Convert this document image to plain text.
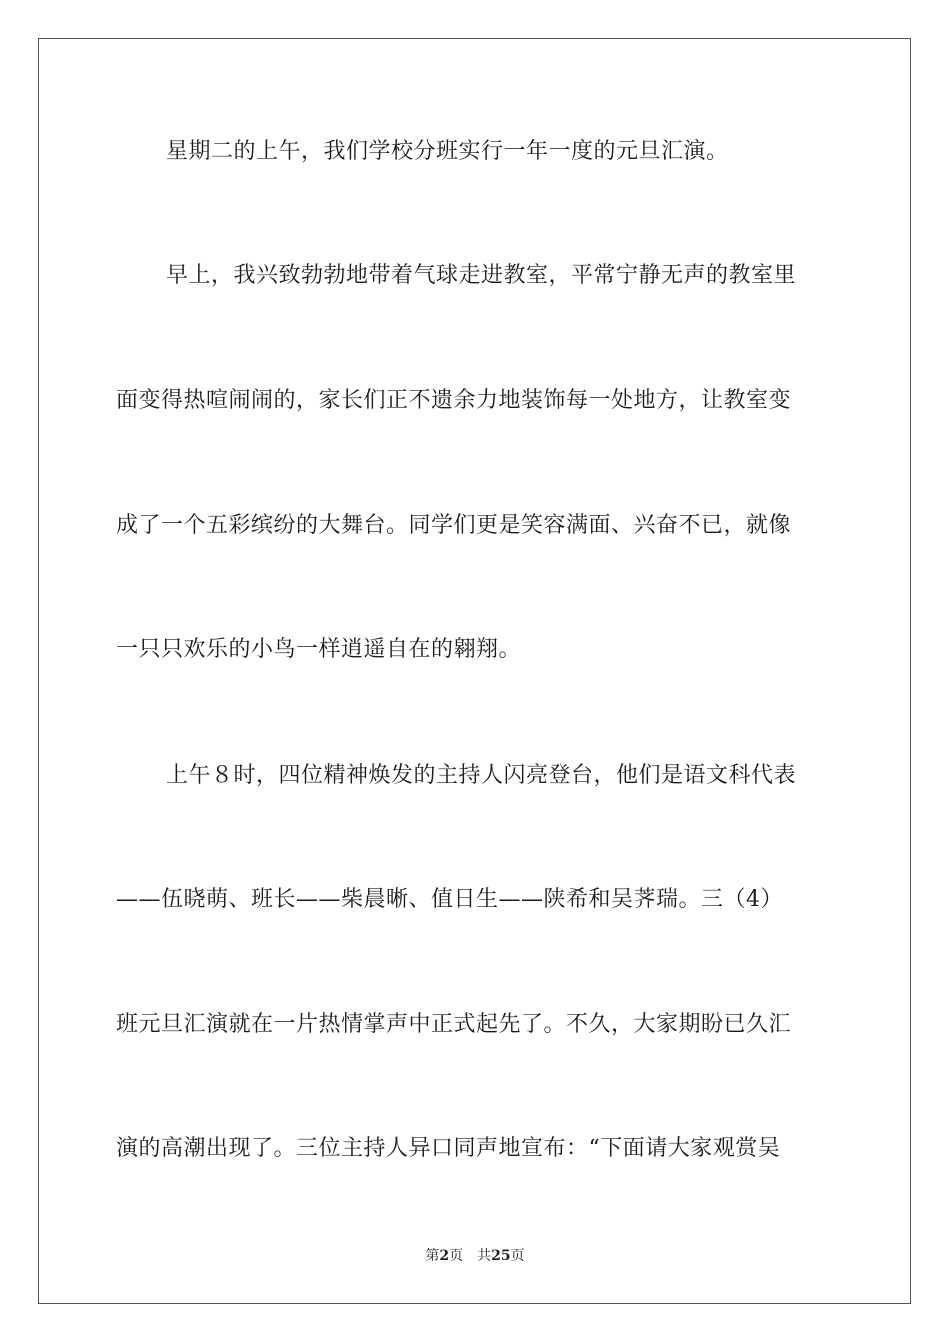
星期二的上午，我们学校分班实行一年一度的元旦汇演。
早上，我兴致勃勃地带着气球走进教室，平常宁静无声的教室里
面变得热喧闹闹的，家长们正不遗余力地装饰每一处地方，让教室变
成了一个五彩缤纷的大舞台。同学们更是笑容满面、兴奋不已，就像
一只只欢乐的小鸟一样逍遥自在的翱翔。
上午８时，四位精神焕发的主持人闪亮登台，他们是语文科代表
——伍晓萌、班长——柴晨晰、值日生——陕希和吴荠瑞。三（4）
班元旦汇演就在一片热情掌声中正式起先了。不久，大家期盼已久汇
演的高潮出现了。三位主持人异口同声地宣布：“下面请大家观赏吴
第2页 共25页
